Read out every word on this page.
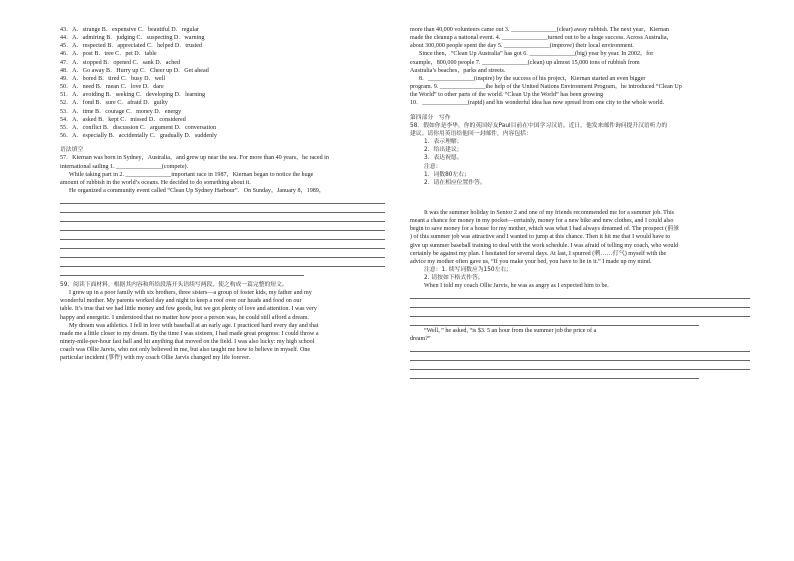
43．A．strange B．expensive C．beautiful D．regular
44．A．admiring B．judging C．suspecting D．warning
45．A．respected B．appreciated C．helped D．trusted
46．A．post B．tree C．pet D．table
47．A．stopped B．opened C．sank D．ached
48．A．Go away B．Hurry up C．Cheer up D．Get ahead
49．A．bored B．tired C．busy D．well
50．A．need B．mean C．love D．dare
51．A．avoiding B．seeking C．developing D．learning
52．A．fond B．sure C．afraid D．guilty
53．A．time B．courage C．money D．energy
54．A．asked B．kept C．missed D．considered
55．A．conflict B．discussion C．argument D．conversation
56．A．especially B．accidentally C．gradually D．suddenly
语法填空
57．Kiernan was born in Sydney，Australia，and grew up near the sea. For more than 40 years，he raced in
international sailing 1. _______________(compete)．
While taking part in 2. _______________important race in 1987，Kiernan began to notice the huge
amount of rubbish in the world’s oceans. He decided to do something about it.
He organized a community event called “Clean Up Sydney Harbour”．On Sunday，January 8，1989，
59．阅读下面材料，根据其内容和所给段落开头语续写两段，使之构成一篇完整的短文。
I grew up in a poor family with six brothers, three sisters—a group of foster kids, my father and my
wonderful mother. My parents worked day and night to keep a roof over our heads and food on our
table. It’s true that we had little money and few goods, but we got plenty of love and attention. I was very
happy and energetic. I understood that no matter how poor a person was, he could still afford a dream.
My dream was athletics. I fell in love with baseball at an early age. I practiced hard every day and that
made me a little closer to my dream. By the time I was sixteen, I had made great progress: I could throw a
ninety-mile-per-hour fast ball and hit anything that moved on the field. I was also lucky: my high school
coach was Ollie Jarvis, who not only believed in me, but also taught me how to believe in myself. One
particular incident (事件) with my coach Ollie Jarvis changed my life forever.
more than 40,000 volunteers came out 3. _______________(clear) away rubbish. The next year，Kiernan
made the cleanup a national event. 4. _______________turned out to be a huge success. Across Australia，
about 300,000 people spent the day 5. _______________(improve) their local environment.
Since then，“Clean Up Australia” has got 6. _______________(big) year by year. In 2002，for
example，800,000 people 7. _______________(clean) up almost 15,000 tons of rubbish from
Australia’s beaches，parks and streets.
8．_______________(inspire) by the success of his project，Kiernan started an even bigger
program. 9. _______________the help of the United Nations Environment Program，he introduced “Clean Up
the World” to other parts of the world. “Clean Up the World” has been growing
10．_______________(rapid) and his wonderful idea has now spread from one city to the whole world.
第四部分　写作
58．假如你是李华，你的英国好友Paul目前在中国学习汉语。近日，他发来邮件询问提升汉语听力的
建议。请你用英语给他回一封邮件，内容包括：
1．表示理解；
2．给出建议；
3．表达祝愿。
注意：
1．词数80左右；
2．请在相应位置作答。
It was the summer holiday in Senior 2 and one of my friends recommended me for a summer job. This
meant a chance for money in my pocket—certainly, money for a new bike and new clothes, and I could also
begin to save money for a house for my mother, which was what I had always dreamed of. The prospect (前景
) of this summer job was attractive and I wanted to jump at this chance. Then it hit me that I would have to
give up summer baseball training to deal with the work schedule. I was afraid of telling my coach, who would
certainly be against my plan. I hesitated for several days. At last, I spurred (刺……打气) myself with the
advice my mother often gave us, “If you make your bed, you have to lie in it.” I made up my mind.
注意：1. 续写词数应为150左右;
2. 请按如下格式作答。
When I told my coach Ollie Jarvis, he was as angry as I expected him to be.
“Well，” he asked, “is $3. 5 an hour from the summer job the price of a
dream?”
